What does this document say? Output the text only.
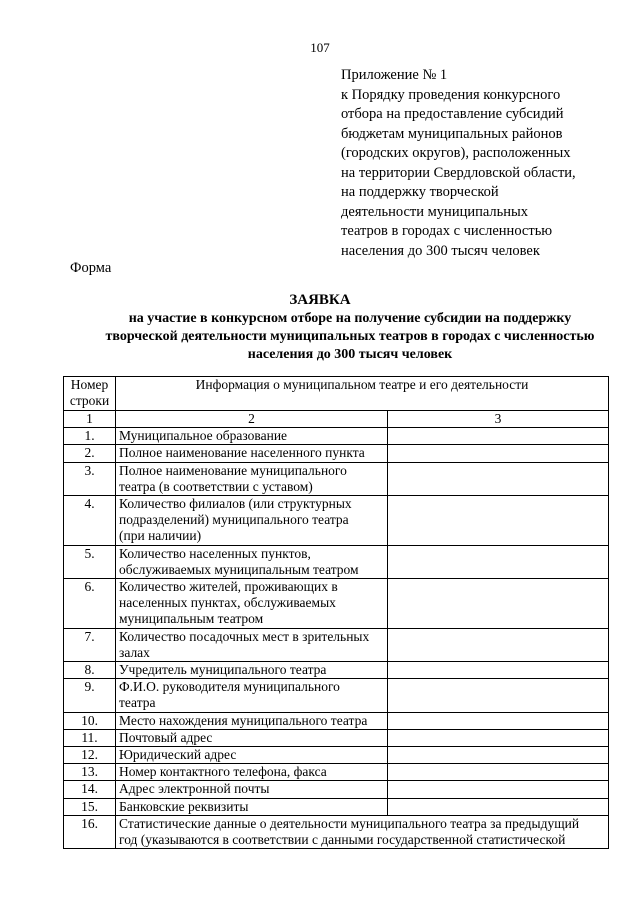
107
Приложение № 1
к Порядку проведения конкурсного
отбора на предоставление субсидий
бюджетам муниципальных районов
(городских округов), расположенных
на территории Свердловской области,
на поддержку творческой
деятельности муниципальных
театров в городах с численностью
населения до 300 тысяч человек
Форма
ЗАЯВКА
на участие в конкурсном отборе на получение субсидии на поддержку
творческой деятельности муниципальных театров в городах с численностью
населения до 300 тысяч человек
Номер
строки	Информация о муниципальном театре и его деятельности	
1	2	3
1.	Муниципальное образование	

2.	Полное наименование населенного пункта	

3.	Полное наименование муниципального
театра (в соответствии с уставом)	

4.	Количество филиалов (или структурных
подразделений) муниципального театра
(при наличии)	

5.	Количество населенных пунктов,
обслуживаемых муниципальным театром	

6.	Количество жителей, проживающих в
населенных пунктах, обслуживаемых
муниципальным театром	

7.	Количество посадочных мест в зрительных
залах	

8.	Учредитель муниципального театра	

9.	Ф.И.О. руководителя муниципального
театра	

10.	Место нахождения муниципального театра	

11.	Почтовый адрес	

12.	Юридический адрес	

13.	Номер контактного телефона, факса	

14.	Адрес электронной почты	

15.	Банковские реквизиты	

16.	Статистические данные о деятельности муниципального театра за предыдущий
год (указываются в соответствии с данными государственной статистической	
